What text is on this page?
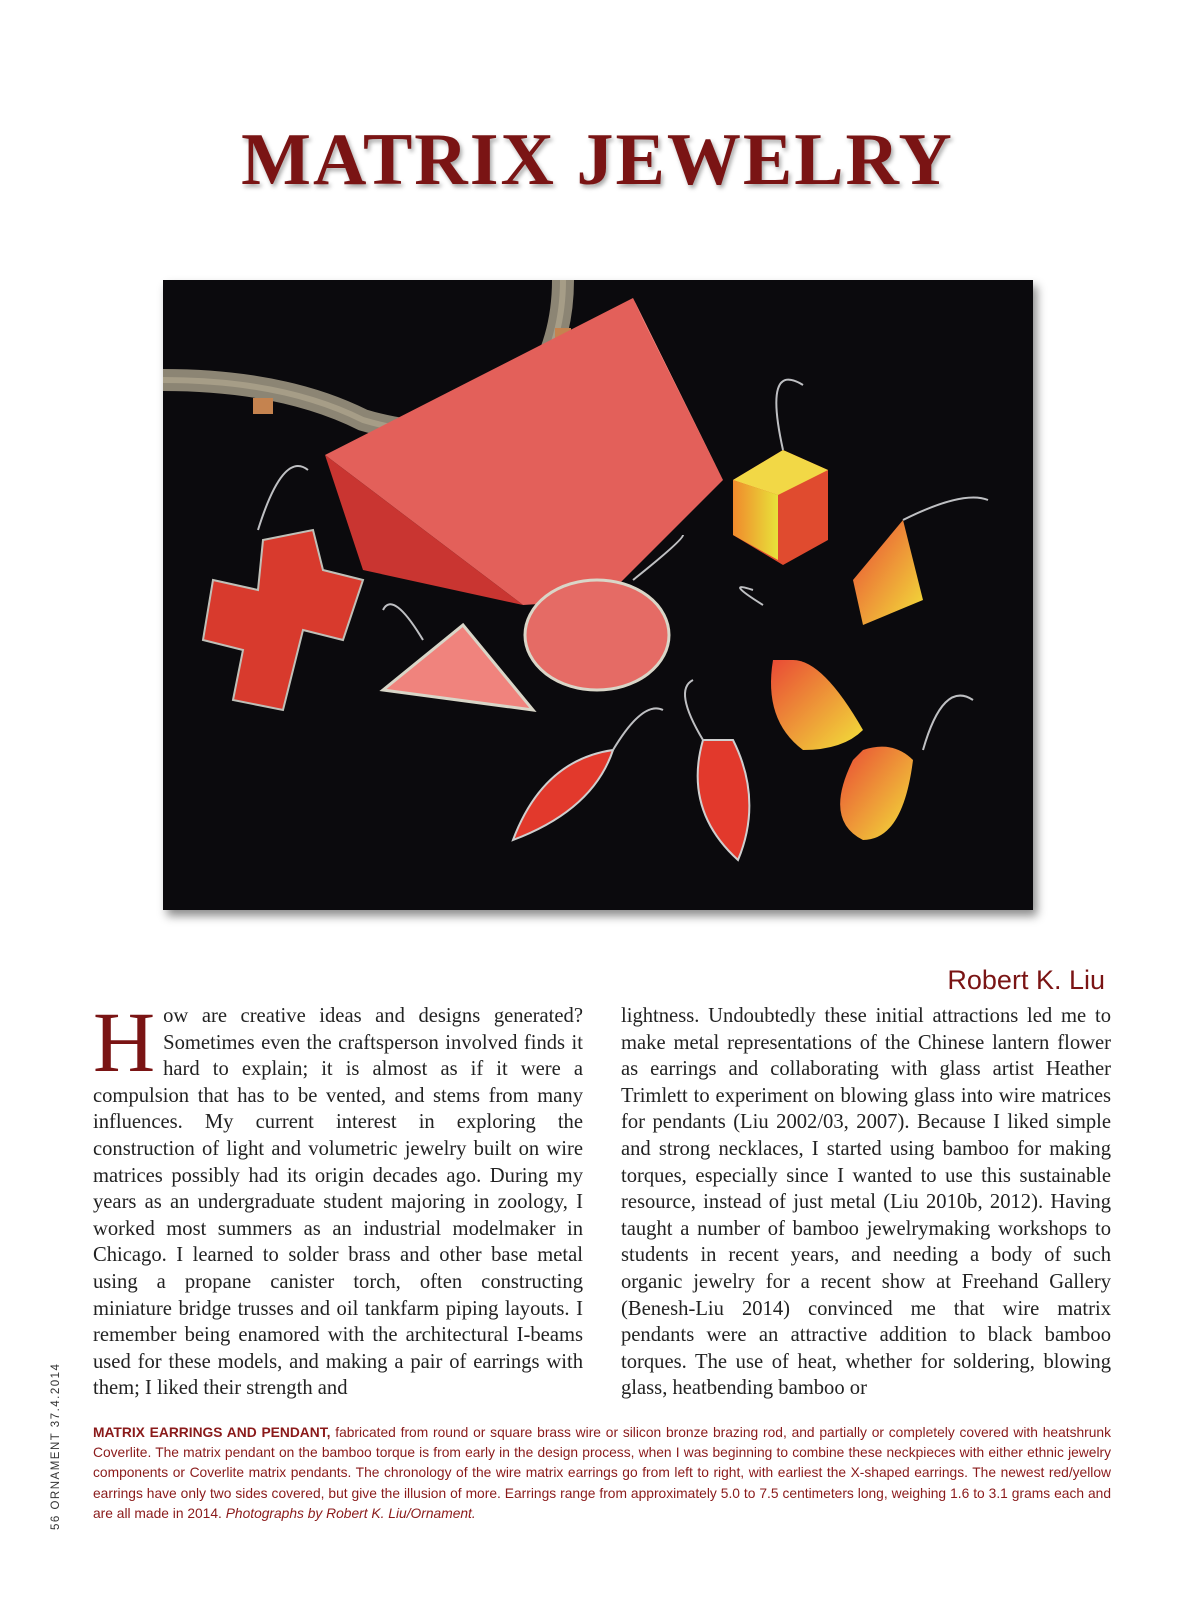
MATRIX JEWELRY
Robert K. Liu
H ow are creative ideas and designs generated? Sometimes even the craftsperson involved finds it hard to explain; it is almost as if it were a compulsion that has to be vented, and stems from many influences. My current interest in exploring the construction of light and volumetric jewelry built on wire matrices possibly had its origin decades ago. During my years as an undergraduate student majoring in zoology, I worked most summers as an industrial modelmaker in Chicago. I learned to solder brass and other base metal using a propane canister torch, often constructing miniature bridge trusses and oil tankfarm piping layouts. I remember being enamored with the architectural I-beams used for these models, and making a pair of earrings with them; I liked their strength and
lightness. Undoubtedly these initial attractions led me to make metal representations of the Chinese lantern flower as earrings and collaborating with glass artist Heather Trimlett to experiment on blowing glass into wire matrices for pendants (Liu 2002/03, 2007). Because I liked simple and strong necklaces, I started using bamboo for making torques, especially since I wanted to use this sustainable resource, instead of just metal (Liu 2010b, 2012). Having taught a number of bamboo jewelrymaking workshops to students in recent years, and needing a body of such organic jewelry for a recent show at Freehand Gallery (Benesh-Liu 2014) convinced me that wire matrix pendants were an attractive addition to black bamboo torques. The use of heat, whether for soldering, blowing glass, heatbending bamboo or
56 ORNAMENT 37.4.2014 MATRIX EARRINGS AND PENDANT, fabricated from round or square brass wire or silicon bronze brazing rod, and partially or completely covered with heatshrunk Coverlite. The matrix pendant on the bamboo torque is from early in the design process, when I was beginning to combine these neckpieces with either ethnic jewelry components or Coverlite matrix pendants. The chronology of the wire matrix earrings go from left to right, with earliest the X-shaped earrings. The newest red/yellow earrings have only two sides covered, but give the illusion of more. Earrings range from approximately 5.0 to 7.5 centimeters long, weighing 1.6 to 3.1 grams each and are all made in 2014. Photographs by Robert K. Liu/Ornament.
